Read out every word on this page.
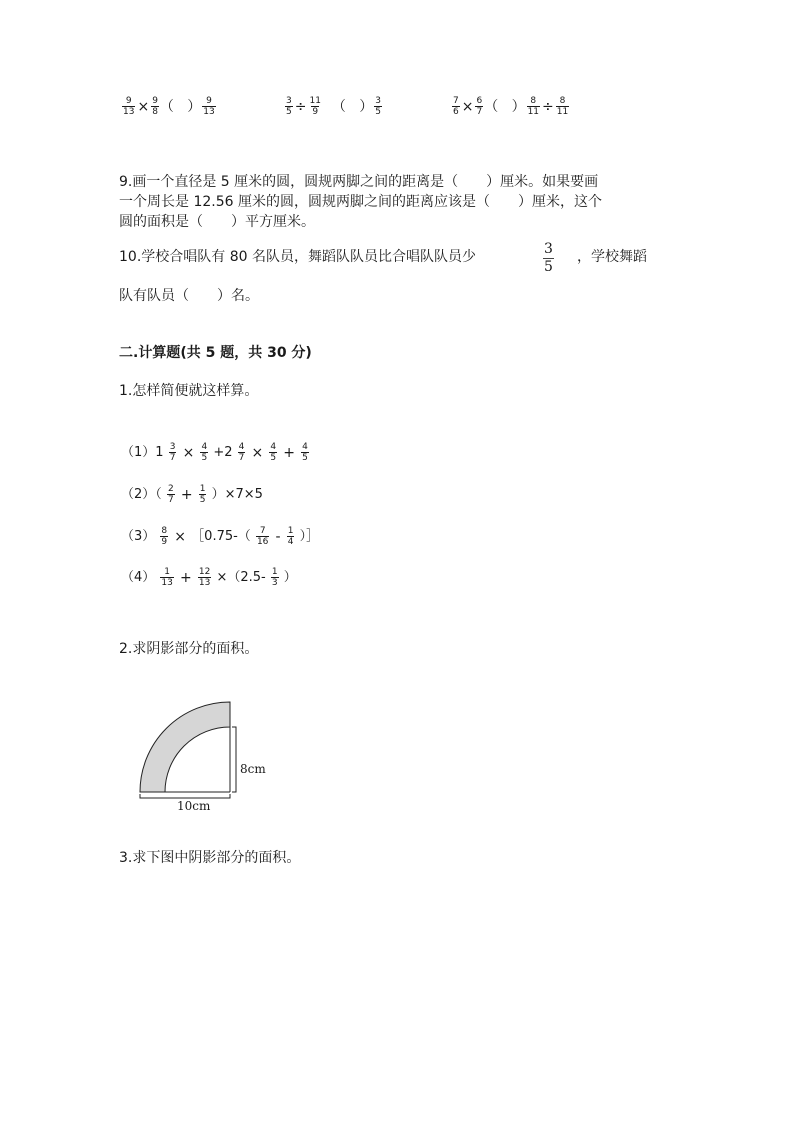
$\frac{9}{13} \times \frac{9}{8}$ （ ） $\frac{9}{13}$	$\frac{3}{5} \div \frac{11}{9}$ （ ） $\frac{3}{5}$	$\frac{7}{6} \times \frac{6}{7}$ （ ） $\frac{8}{11} \div \frac{8}{11}$
9.画一个直径是 5 厘米的圆，圆规两脚之间的距离是（　　）厘米。如果要画
一个周长是 12.56 厘米的圆，圆规两脚之间的距离应该是（　　）厘米，这个
圆的面积是（　　）平方厘米。
10.学校合唱队有 80 名队员，舞蹈队队员比合唱队队员少	$\frac{3}{5}$ ，学校舞蹈
队有队员（　　）名。
二.计算题(共 5 题，共 30 分)
1.怎样简便就这样算。
$(1)1 \frac{3}{7} \times \frac{4}{5} +2 \frac{4}{7} \times \frac{4}{5} + \frac{4}{5}$
$(2)( \frac{2}{7} + \frac{1}{5} )\times 7\times 5$
$(3) \frac{8}{9}$ × ［0.75-（ $\frac{7}{16} - \frac{1}{4}$ ）］
$(4) \frac{1}{13} + \frac{12}{13} \times(2.5- \frac{1}{3}$ ）
2.求阴影部分的面积。
8cm
10cm
3.求下图中阴影部分的面积。
